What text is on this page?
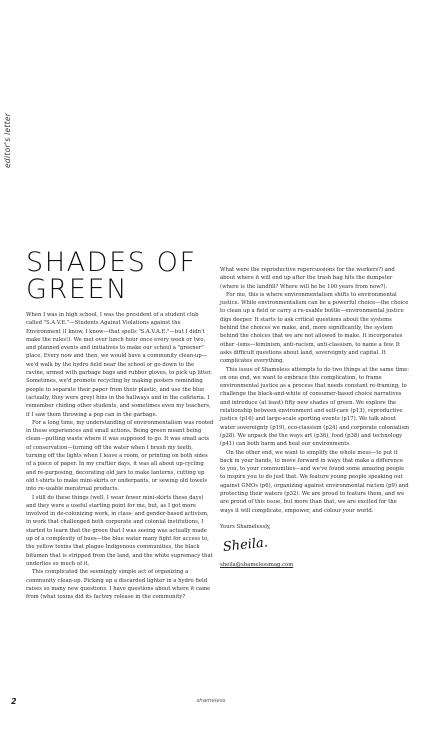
editor's letter
SHADES OF
GREEN

When I was in high school, I was the president of a student club called "S.A.V.E."—Students Against Violations against the Environment (I know, I know—that spells "S.A.V.A.E."—but I didn't make the rules!). We met over lunch hour once every week or two, and planned events and initiatives to make our school a "greener" place. Every now and then, we would have a community clean-up—we'd walk by the hydro field near the school or go down to the ravine, armed with garbage bags and rubber gloves, to pick up litter. Sometimes, we'd promote recycling by making posters reminding people to separate their paper from their plastic, and use the blue (actually, they were grey) bins in the hallways and in the cafeteria. I remember chiding other students, and sometimes even my teachers, if I saw them throwing a pop can in the garbage.

For a long time, my understanding of environmentalism was rooted in these experiences and small actions. Being green meant being clean—putting waste where it was supposed to go. It was small acts of conservation—turning off the water when I brush my teeth, turning off the lights when I leave a room, or printing on both sides of a piece of paper. In my craftier days, it was all about up-cycling and re-purposing, decorating old jars to make lanterns, cutting up old t-shirts to make mini-skirts or underpants, or sewing old towels into re-usable menstrual products.

I still do these things (well, I wear fewer mini-skirts these days) and they were a useful starting point for me, but, as I got more involved in de-colonizing work, in class- and gender-based activism, in work that challenged both corporate and colonial institutions, I started to learn that the green that I was seeing was actually made up of a complexity of hues—the blue water many fight for access to, the yellow toxins that plague Indigenous communities, the black bitumen that is stripped from the land, and the white supremacy that underlies so much of it.

This complicated the seemingly simple act of organizing a community clean-up. Picking up a discarded lighter in a hydro field raises so many new questions. I have questions about where it came from (what toxins did its factory release in the community?

What were the reproductive repercussions for the workers?) and about where it will end up after the trash bag hits the dumpster (where is the landfill? Where will he be 100 years from now?).

For me, this is where environmentalism shifts to environmental justice. While environmentalism can be a powerful choice—the choice to clean up a field or carry a re-usable bottle—environmental justice digs deeper. It starts to ask critical questions about the systems behind the choices we make, and, more significantly, the system behind the choices that we are not allowed to make. It incorporates other -isms—feminism, anti-racism, anti-classism, to name a few. It asks difficult questions about land, sovereignty and capital. It complicates everything.

This issue of Shameless attempts to do two things at the same time: on one end, we want to embrace this complication, to frame environmental justice as a process that needs constant re-framing, to challenge the black-and-white of consumer-based choice narratives and introduce (at least) fifty new shades of green. We explore the relationship between environment and self-care (p13), reproductive justice (p16) and large-scale sporting events (p17). We talk about water sovereignty (p19), eco-classism (p24) and corporate colonialism (p28). We unpack the the ways art (p36), food (p38) and technology (p41) can both harm and heal our environments.

On the other end, we want to simplify the whole mess—to put it back in your hands, to move forward in ways that make a difference to you, to your communities—and we've found some amazing people to inspire you to do just that. We feature young people speaking out against GMOs (p6), organizing against environmental racism (p9) and protecting their waters (p32). We are proud to feature them, and we are proud of this issue, but more than that, we are excited for the ways it will complicate, empower, and colour your world.

Yours Shamelessly,

Sheila.
sheila@shamelessmag.com
2	shameless
